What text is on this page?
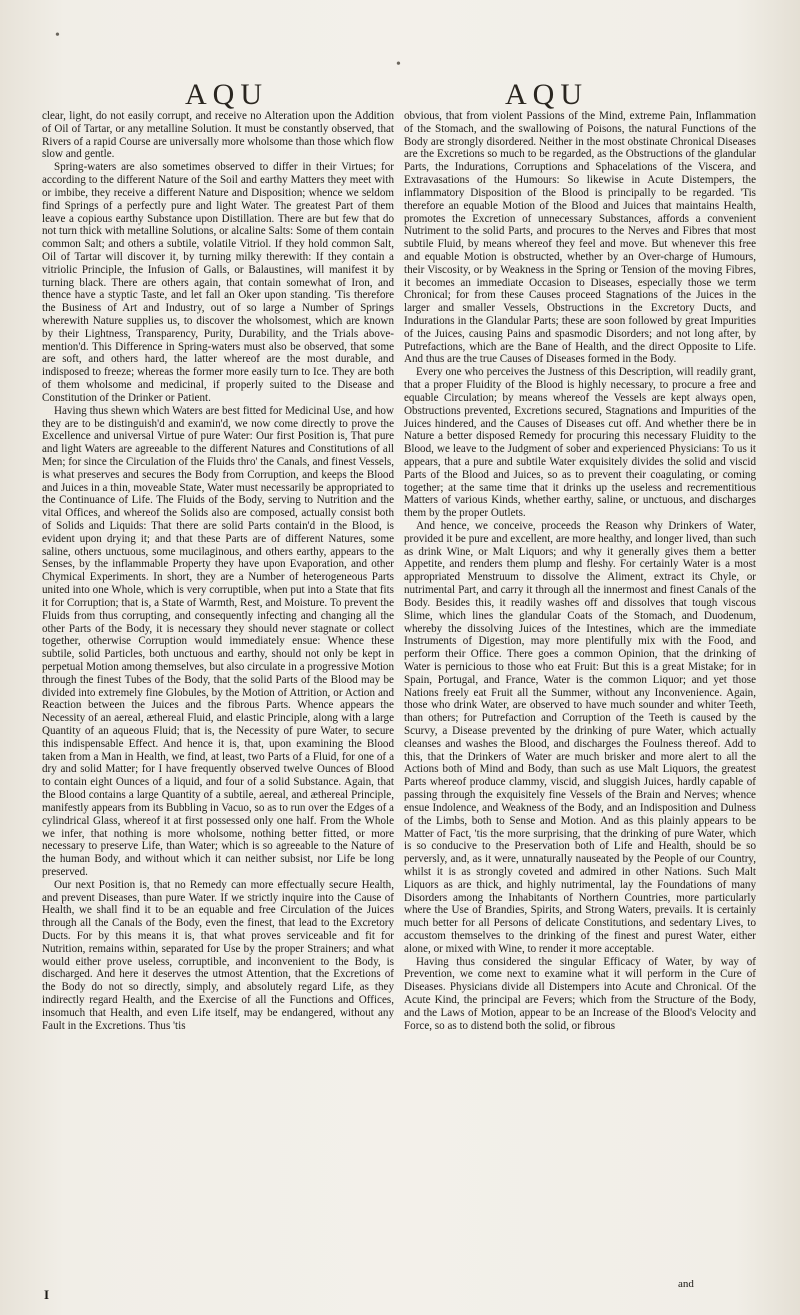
•
•
AQU	AQU

clear, light, do not easily corrupt, and receive no Alteration upon the Addition of Oil of Tartar, or any metalline Solution. It must be constantly observed, that Rivers of a rapid Course are universally more wholsome than those which flow slow and gentle.

Spring-waters are also sometimes observed to differ in their Virtues; for according to the different Nature of the Soil and earthy Matters they meet with or imbibe, they receive a different Nature and Disposition; whence we seldom find Springs of a perfectly pure and light Water. The greatest Part of them leave a copious earthy Substance upon Distillation. There are but few that do not turn thick with metalline Solutions, or alcaline Salts: Some of them contain common Salt; and others a subtile, volatile Vitriol. If they hold common Salt, Oil of Tartar will discover it, by turning milky therewith: If they contain a vitriolic Principle, the Infusion of Galls, or Balaustines, will manifest it by turning black. There are others again, that contain somewhat of Iron, and thence have a styptic Taste, and let fall an Oker upon standing. 'Tis therefore the Business of Art and Industry, out of so large a Number of Springs wherewith Nature supplies us, to discover the wholsomest, which are known by their Lightness, Transparency, Purity, Durability, and the Trials above-mention'd. This Difference in Spring-waters must also be observed, that some are soft, and others hard, the latter whereof are the most durable, and indisposed to freeze; whereas the former more easily turn to Ice. They are both of them wholsome and medicinal, if properly suited to the Disease and Constitution of the Drinker or Patient.

Having thus shewn which Waters are best fitted for Medicinal Use, and how they are to be distinguish'd and examin'd, we now come directly to prove the Excellence and universal Virtue of pure Water: Our first Position is, That pure and light Waters are agreeable to the different Natures and Constitutions of all Men; for since the Circulation of the Fluids thro' the Canals, and finest Vessels, is what preserves and secures the Body from Corruption, and keeps the Blood and Juices in a thin, moveable State, Water must necessarily be appropriated to the Continuance of Life. The Fluids of the Body, serving to Nutrition and the vital Offices, and whereof the Solids also are composed, actually consist both of Solids and Liquids: That there are solid Parts contain'd in the Blood, is evident upon drying it; and that these Parts are of different Natures, some saline, others unctuous, some mucilaginous, and others earthy, appears to the Senses, by the inflammable Property they have upon Evaporation, and other Chymical Experiments. In short, they are a Number of heterogeneous Parts united into one Whole, which is very corruptible, when put into a State that fits it for Corruption; that is, a State of Warmth, Rest, and Moisture. To prevent the Fluids from thus corrupting, and consequently infecting and changing all the other Parts of the Body, it is necessary they should never stagnate or collect together, otherwise Corruption would immediately ensue: Whence these subtile, solid Particles, both unctuous and earthy, should not only be kept in perpetual Motion among themselves, but also circulate in a progressive Motion through the finest Tubes of the Body, that the solid Parts of the Blood may be divided into extremely fine Globules, by the Motion of Attrition, or Action and Reaction between the Juices and the fibrous Parts. Whence appears the Necessity of an aereal, æthereal Fluid, and elastic Principle, along with a large Quantity of an aqueous Fluid; that is, the Necessity of pure Water, to secure this indispensable Effect. And hence it is, that, upon examining the Blood taken from a Man in Health, we find, at least, two Parts of a Fluid, for one of a dry and solid Matter; for I have frequently observed twelve Ounces of Blood to contain eight Ounces of a liquid, and four of a solid Substance. Again, that the Blood contains a large Quantity of a subtile, aereal, and æthereal Principle, manifestly appears from its Bubbling in Vacuo, so as to run over the Edges of a cylindrical Glass, whereof it at first possessed only one half. From the Whole we infer, that nothing is more wholsome, nothing better fitted, or more necessary to preserve Life, than Water; which is so agreeable to the Nature of the human Body, and without which it can neither subsist, nor Life be long preserved.

Our next Position is, that no Remedy can more effectually secure Health, and prevent Diseases, than pure Water. If we strictly inquire into the Cause of Health, we shall find it to be an equable and free Circulation of the Juices through all the Canals of the Body, even the finest, that lead to the Excretory Ducts. For by this means it is, that what proves serviceable and fit for Nutrition, remains within, separated for Use by the proper Strainers; and what would either prove useless, corruptible, and inconvenient to the Body, is discharged. And here it deserves the utmost Attention, that the Excretions of the Body do not so directly, simply, and absolutely regard Life, as they indirectly regard Health, and the Exercise of all the Functions and Offices, insomuch that Health, and even Life itself, may be endangered, without any Fault in the Excretions. Thus 'tis

obvious, that from violent Passions of the Mind, extreme Pain, Inflammation of the Stomach, and the swallowing of Poisons, the natural Functions of the Body are strongly disordered. Neither in the most obstinate Chronical Diseases are the Excretions so much to be regarded, as the Obstructions of the glandular Parts, the Indurations, Corruptions and Sphacelations of the Viscera, and Extravasations of the Humours: So likewise in Acute Distempers, the inflammatory Disposition of the Blood is principally to be regarded. 'Tis therefore an equable Motion of the Blood and Juices that maintains Health, promotes the Excretion of unnecessary Substances, affords a convenient Nutriment to the solid Parts, and procures to the Nerves and Fibres that most subtile Fluid, by means whereof they feel and move. But whenever this free and equable Motion is obstructed, whether by an Over-charge of Humours, their Viscosity, or by Weakness in the Spring or Tension of the moving Fibres, it becomes an immediate Occasion to Diseases, especially those we term Chronical; for from these Causes proceed Stagnations of the Juices in the larger and smaller Vessels, Obstructions in the Excretory Ducts, and Indurations in the Glandular Parts; these are soon followed by great Impurities of the Juices, causing Pains and spasmodic Disorders; and not long after, by Putrefactions, which are the Bane of Health, and the direct Opposite to Life. And thus are the true Causes of Diseases formed in the Body.

Every one who perceives the Justness of this Description, will readily grant, that a proper Fluidity of the Blood is highly necessary, to procure a free and equable Circulation; by means whereof the Vessels are kept always open, Obstructions prevented, Excretions secured, Stagnations and Impurities of the Juices hindered, and the Causes of Diseases cut off. And whether there be in Nature a better disposed Remedy for procuring this necessary Fluidity to the Blood, we leave to the Judgment of sober and experienced Physicians: To us it appears, that a pure and subtile Water exquisitely divides the solid and viscid Parts of the Blood and Juices, so as to prevent their coagulating, or coming together; at the same time that it drinks up the useless and recrementitious Matters of various Kinds, whether earthy, saline, or unctuous, and discharges them by the proper Outlets.

And hence, we conceive, proceeds the Reason why Drinkers of Water, provided it be pure and excellent, are more healthy, and longer lived, than such as drink Wine, or Malt Liquors; and why it generally gives them a better Appetite, and renders them plump and fleshy. For certainly Water is a most appropriated Menstruum to dissolve the Aliment, extract its Chyle, or nutrimental Part, and carry it through all the innermost and finest Canals of the Body. Besides this, it readily washes off and dissolves that tough viscous Slime, which lines the glandular Coats of the Stomach, and Duodenum, whereby the dissolving Juices of the Intestines, which are the immediate Instruments of Digestion, may more plentifully mix with the Food, and perform their Office. There goes a common Opinion, that the drinking of Water is pernicious to those who eat Fruit: But this is a great Mistake; for in Spain, Portugal, and France, Water is the common Liquor; and yet those Nations freely eat Fruit all the Summer, without any Inconvenience. Again, those who drink Water, are observed to have much sounder and whiter Teeth, than others; for Putrefaction and Corruption of the Teeth is caused by the Scurvy, a Disease prevented by the drinking of pure Water, which actually cleanses and washes the Blood, and discharges the Foulness thereof. Add to this, that the Drinkers of Water are much brisker and more alert to all the Actions both of Mind and Body, than such as use Malt Liquors, the greatest Parts whereof produce clammy, viscid, and sluggish Juices, hardly capable of passing through the exquisitely fine Vessels of the Brain and Nerves; whence ensue Indolence, and Weakness of the Body, and an Indisposition and Dulness of the Limbs, both to Sense and Motion. And as this plainly appears to be Matter of Fact, 'tis the more surprising, that the drinking of pure Water, which is so conducive to the Preservation both of Life and Health, should be so perversly, and, as it were, unnaturally nauseated by the People of our Country, whilst it is as strongly coveted and admired in other Nations. Such Malt Liquors as are thick, and highly nutrimental, lay the Foundations of many Disorders among the Inhabitants of Northern Countries, more particularly where the Use of Brandies, Spirits, and Strong Waters, prevails. It is certainly much better for all Persons of delicate Constitutions, and sedentary Lives, to accustom themselves to the drinking of the finest and purest Water, either alone, or mixed with Wine, to render it more acceptable.

Having thus considered the singular Efficacy of Water, by way of Prevention, we come next to examine what it will perform in the Cure of Diseases. Physicians divide all Distempers into Acute and Chronical. Of the Acute Kind, the principal are Fevers; which from the Structure of the Body, and the Laws of Motion, appear to be an Increase of the Blood's Velocity and Force, so as to distend both the solid, or fibrous

I
and
